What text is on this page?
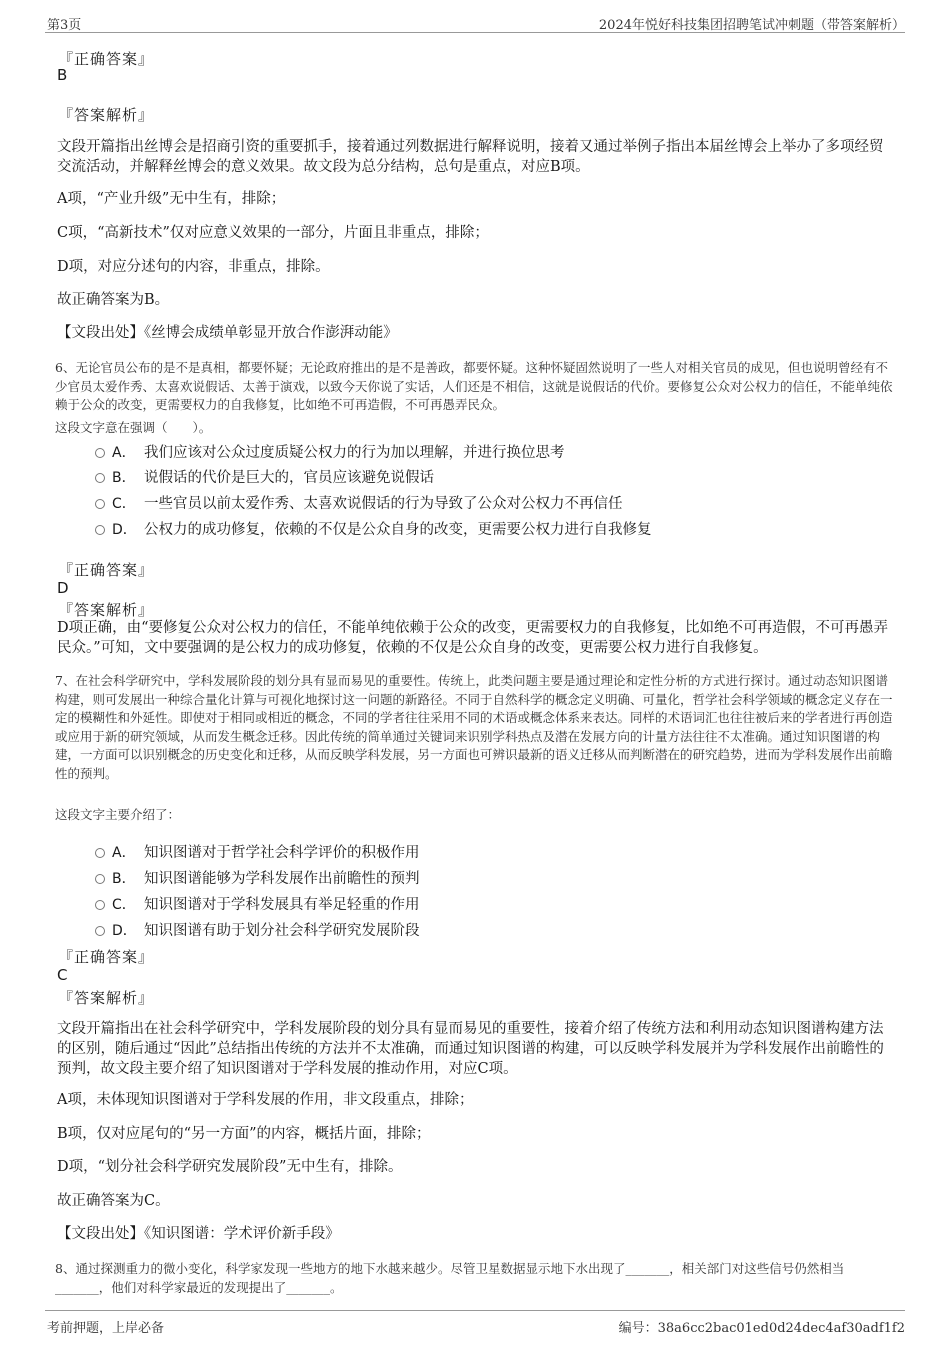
第3页	2024年悦好科技集团招聘笔试冲刺题（带答案解析）
『正确答案』
B
『答案解析』
文段开篇指出丝博会是招商引资的重要抓手，接着通过列数据进行解释说明，接着又通过举例子指出本届丝博会上举办了多项经贸交流活动，并解释丝博会的意义效果。故文段为总分结构，总句是重点，对应B项。
A项，“产业升级”无中生有，排除；
C项，“高新技术”仅对应意义效果的一部分，片面且非重点，排除；
D项，对应分述句的内容，非重点，排除。
故正确答案为B。
【文段出处】《丝博会成绩单彰显开放合作澎湃动能》
6、无论官员公布的是不是真相，都要怀疑；无论政府推出的是不是善政，都要怀疑。这种怀疑固然说明了一些人对相关官员的成见，但也说明曾经有不少官员太爱作秀、太喜欢说假话、太善于演戏，以致今天你说了实话，人们还是不相信，这就是说假话的代价。要修复公众对公权力的信任，不能单纯依赖于公众的改变，更需要权力的自我修复，比如绝不可再造假，不可再愚弄民众。
这段文字意在强调（　　）。
A． 我们应该对公众过度质疑公权力的行为加以理解，并进行换位思考
B． 说假话的代价是巨大的，官员应该避免说假话
C． 一些官员以前太爱作秀、太喜欢说假话的行为导致了公众对公权力不再信任
D． 公权力的成功修复，依赖的不仅是公众自身的改变，更需要公权力进行自我修复
『正确答案』
D
『答案解析』
D项正确，由“要修复公众对公权力的信任，不能单纯依赖于公众的改变，更需要权力的自我修复，比如绝不可再造假，不可再愚弄民众。”可知，文中要强调的是公权力的成功修复，依赖的不仅是公众自身的改变，更需要公权力进行自我修复。
7、在社会科学研究中，学科发展阶段的划分具有显而易见的重要性。传统上，此类问题主要是通过理论和定性分析的方式进行探讨。通过动态知识图谱构建，则可发展出一种综合量化计算与可视化地探讨这一问题的新路径。不同于自然科学的概念定义明确、可量化，哲学社会科学领域的概念定义存在一定的模糊性和外延性。即使对于相同或相近的概念，不同的学者往往采用不同的术语或概念体系来表达。同样的术语词汇也往往被后来的学者进行再创造或应用于新的研究领域，从而发生概念迁移。因此传统的简单通过关键词来识别学科热点及潜在发展方向的计量方法往往不太准确。通过知识图谱的构建，一方面可以识别概念的历史变化和迁移，从而反映学科发展，另一方面也可辨识最新的语义迁移从而判断潜在的研究趋势，进而为学科发展作出前瞻性的预判。
这段文字主要介绍了：
A． 知识图谱对于哲学社会科学评价的积极作用
B． 知识图谱能够为学科发展作出前瞻性的预判
C． 知识图谱对于学科发展具有举足轻重的作用
D． 知识图谱有助于划分社会科学研究发展阶段
『正确答案』
C
『答案解析』
文段开篇指出在社会科学研究中，学科发展阶段的划分具有显而易见的重要性，接着介绍了传统方法和利用动态知识图谱构建方法的区别，随后通过“因此”总结指出传统的方法并不太准确，而通过知识图谱的构建，可以反映学科发展并为学科发展作出前瞻性的预判，故文段主要介绍了知识图谱对于学科发展的推动作用，对应C项。
A项，未体现知识图谱对于学科发展的作用，非文段重点，排除；
B项，仅对应尾句的“另一方面”的内容，概括片面，排除；
D项，“划分社会科学研究发展阶段”无中生有，排除。
故正确答案为C。
【文段出处】《知识图谱：学术评价新手段》
8、通过探测重力的微小变化，科学家发现一些地方的地下水越来越少。尽管卫星数据显示地下水出现了_______，相关部门对这些信号仍然相当_______，他们对科学家最近的发现提出了_______。
考前押题，上岸必备	编号：38a6cc2bac01ed0d24dec4af30adf1f2
